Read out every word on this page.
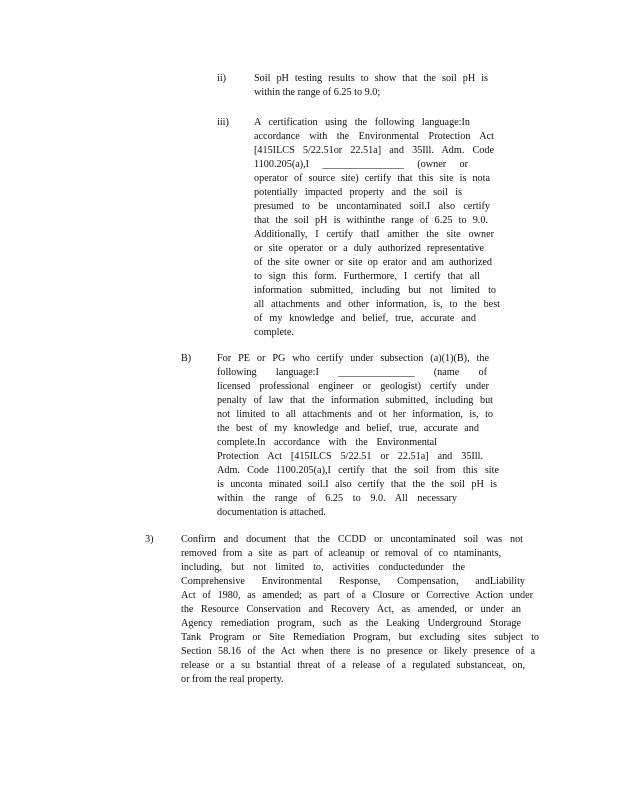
ii)	Soil pH testing results to show that the soil pH is
within the range of 6.25 to 9.0;
iii) A certification using the following language:In
accordance with the Environmental Protection Act
[415ILCS 5/22.51or 22.51a] and 35Ill. Adm. Code
1100.205(a),I ________________ (owner or
operator of source site) certify that this site is nota
potentially impacted property and the soil is
presumed to be uncontaminated soil.I also certify
that the soil pH is withinthe range of 6.25 to 9.0.
Additionally, I certify thatI amither the site owner
or site operator or a duly authorized representative
of the site owner or site op erator and am authorized
to sign this form. Furthermore, I certify that all
information submitted, including but not limited to
all attachments and other information, is, to the best
of my knowledge and belief, true, accurate and
complete.
B)	For PE or PG who certify under subsection (a)(1)(B), the
following language:I _______________ (name of
licensed professional engineer or geologist) certify under
penalty of law that the information submitted, including but
not limited to all attachments and ot her information, is, to
the best of my knowledge and belief, true, accurate and
complete.In accordance with the Environmental
Protection Act [415ILCS 5/22.51 or 22.51a] and 35Ill.
Adm. Code 1100.205(a),I certify that the soil from this site
is unconta minated soil.I also certify that the the soil pH is
within the range of 6.25 to 9.0. All necessary
documentation is attached.
3)	Confirm and document that the CCDD or uncontaminated soil was not
removed from a site as part of acleanup or removal of co ntaminants,
including, but not limited to, activities conductedunder the
Comprehensive Environmental Response, Compensation, andLiability
Act of 1980, as amended; as part of a Closure or Corrective Action under
the Resource Conservation and Recovery Act, as amended, or under an
Agency remediation program, such as the Leaking Underground Storage
Tank Program or Site Remediation Program, but excluding sites subject to
Section 58.16 of the Act when there is no presence or likely presence of a
release or a su bstantial threat of a release of a regulated substanceat, on,
or from the real property.
